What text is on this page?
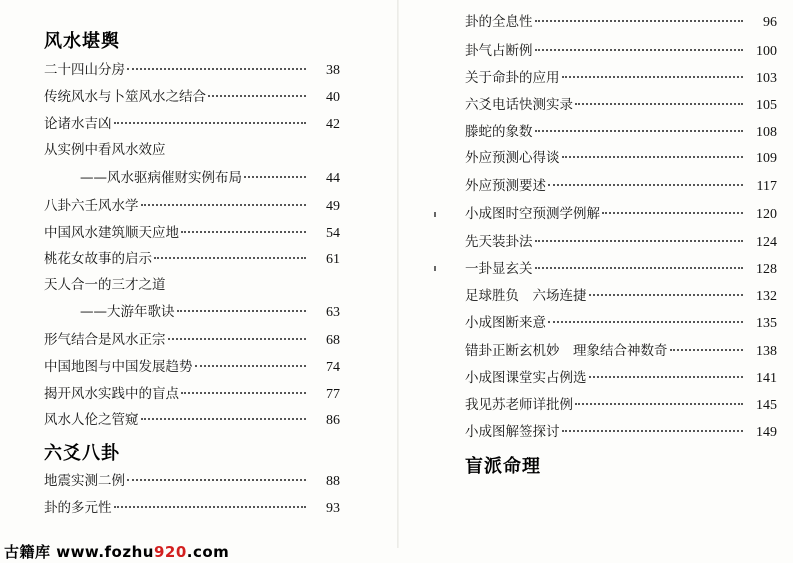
风水堪舆
二十四山分房	38
传统风水与卜筮风水之结合	40
论诸水吉凶	42
从实例中看风水效应
——风水驱病催财实例布局	44
八卦六壬风水学	49
中国风水建筑顺天应地	54
桃花女故事的启示	61
天人合一的三才之道
——大游年歌诀	63
形气结合是风水正宗	68
中国地图与中国发展趋势	74
揭开风水实践中的盲点	77
风水人伦之管窥	86
六爻八卦
地震实测二例	88
卦的多元性	93
卦的全息性	96
卦气占断例	100
关于命卦的应用	103
六爻电话快测实录	105
滕蛇的象数	108
外应预测心得谈	109
外应预测要述	117
小成图时空预测学例解	120
先天装卦法	124
一卦显玄关	128
足球胜负　六场连捷	132
小成图断来意	135
错卦正断玄机妙　理象结合神数奇	138
小成图课堂实占例选	141
我见苏老师详批例	145
小成图解签探讨	149
盲派命理
古籍库 www.fozhu920.com
